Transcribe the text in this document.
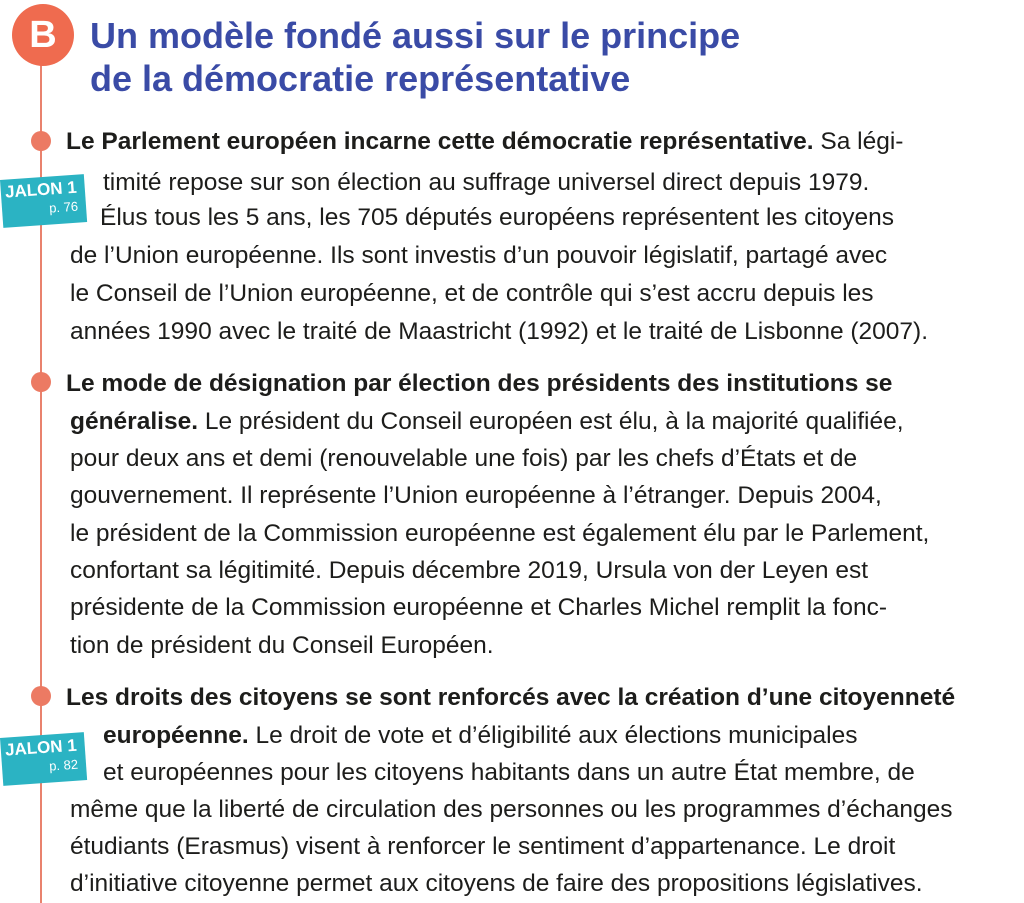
B Un modèle fondé aussi sur le principe
de la démocratie représentative
JALON 1
p. 76
JALON 1
p. 82

Le Parlement européen incarne cette démocratie représentative. Sa légi-

timité repose sur son élection au suffrage universel direct depuis 1979.

Élus tous les 5 ans, les 705 députés européens représentent les citoyens

de l’Union européenne. Ils sont investis d’un pouvoir législatif, partagé avec

le Conseil de l’Union européenne, et de contrôle qui s’est accru depuis les

années 1990 avec le traité de Maastricht (1992) et le traité de Lisbonne (2007).

Le mode de désignation par élection des présidents des institutions se

généralise. Le président du Conseil européen est élu, à la majorité qualifiée,

pour deux ans et demi (renouvelable une fois) par les chefs d’États et de

gouvernement. Il représente l’Union européenne à l’étranger. Depuis 2004,

le président de la Commission européenne est également élu par le Parlement,

confortant sa légitimité. Depuis décembre 2019, Ursula von der Leyen est

présidente de la Commission européenne et Charles Michel remplit la fonc-

tion de président du Conseil Européen.

Les droits des citoyens se sont renforcés avec la création d’une citoyenneté

européenne. Le droit de vote et d’éligibilité aux élections municipales

et européennes pour les citoyens habitants dans un autre État membre, de

même que la liberté de circulation des personnes ou les programmes d’échanges

étudiants (Erasmus) visent à renforcer le sentiment d’appartenance. Le droit

d’initiative citoyenne permet aux citoyens de faire des propositions législatives.
